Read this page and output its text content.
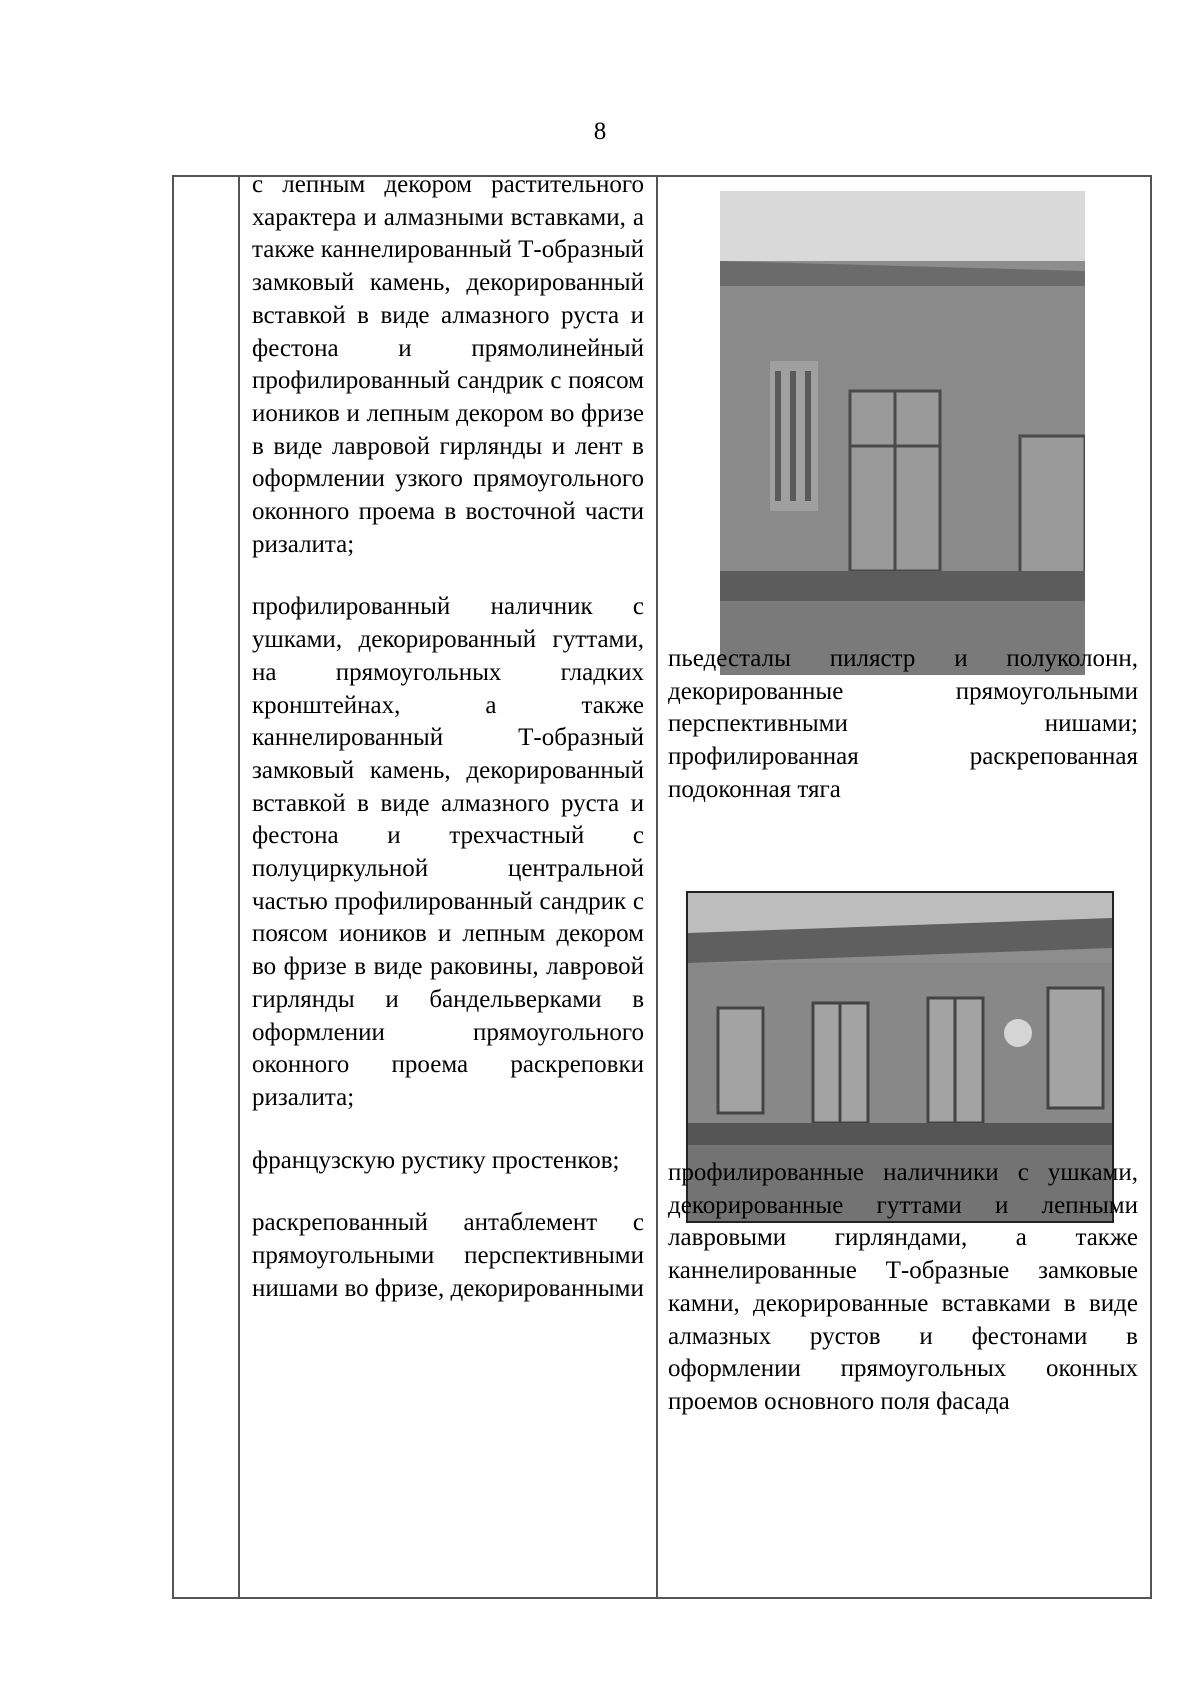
8
с лепным декором растительного характера и алмазными вставками, а также каннелированный Т-образный замковый камень, декорированный вставкой в виде алмазного руста и фестона и прямолинейный профилированный сандрик с поясом иоников и лепным декором во фризе в виде лавровой гирлянды и лент в оформлении узкого прямоугольного оконного проема в восточной части ризалита;
профилированный наличник с ушками, декорированный гуттами, на прямоугольных гладких кронштейнах, а также каннелированный Т-образный замковый камень, декорированный вставкой в виде алмазного руста и фестона и трехчастный с полуциркульной центральной частью профилированный сандрик с поясом иоников и лепным декором во фризе в виде раковины, лавровой гирлянды и бандельверками в оформлении прямоугольного оконного проема раскреповки ризалита;
французскую рустику простенков;
раскрепованный антаблемент с прямоугольными перспективными нишами во фризе, декорированными
пьедесталы пилястр и полуколонн, декорированные прямоугольными перспективными нишами; профилированная раскрепованная подоконная тяга
профилированные наличники с ушками, декорированные гуттами и лепными лавровыми гирляндами, а также каннелированные Т-образные замковые камни, декорированные вставками в виде алмазных рустов и фестонами в оформлении прямоугольных оконных проемов основного поля фасада
